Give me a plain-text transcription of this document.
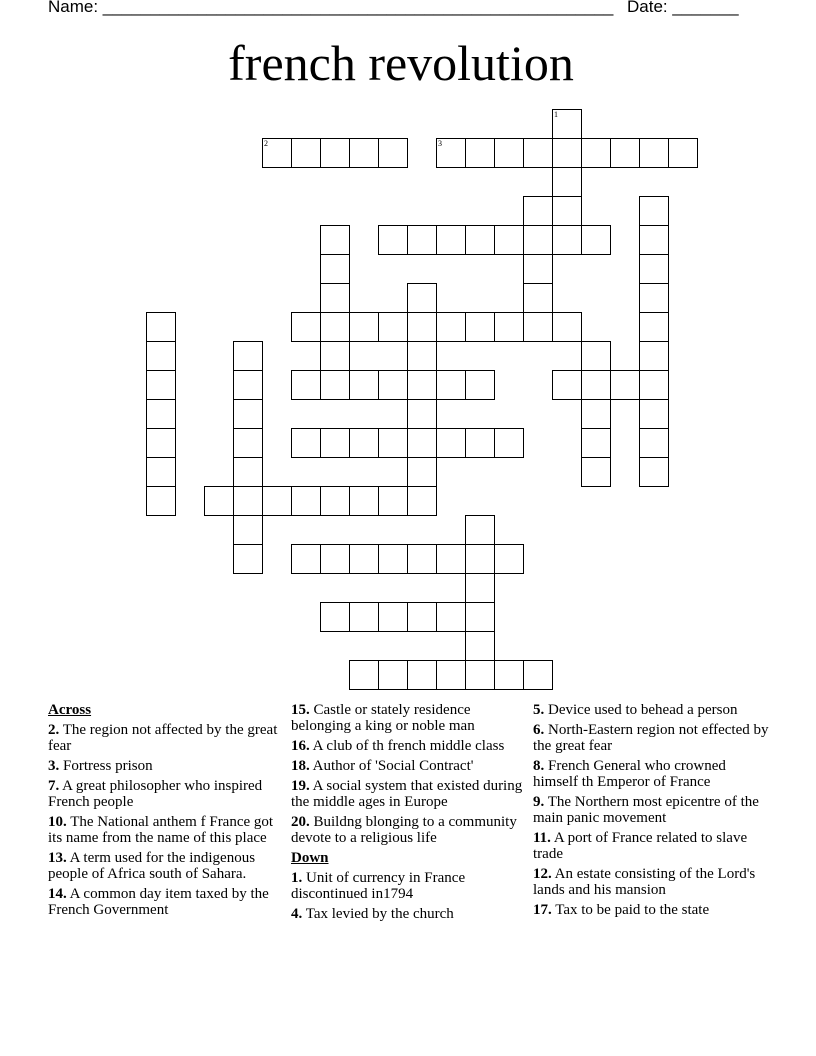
Name: ______________________________________________________ Date: _______
french revolution
1
2	3
Across
2. The region not affected by the great fear
3. Fortress prison
7. A great philosopher who inspired French people
10. The National anthem f France got its name from the name of this place
13. A term used for the indigenous people of Africa south of Sahara.
14. A common day item taxed by the French Government
15. Castle or stately residence belonging a king or noble man
16. A club of th french middle class
18. Author of 'Social Contract'
19. A social system that existed during the middle ages in Europe
20. Buildng blonging to a community devote to a religious life
Down
1. Unit of currency in France discontinued in1794
4. Tax levied by the church
5. Device used to behead a person
6. North-Eastern region not effected by the great fear
8. French General who crowned himself th Emperor of France
9. The Northern most epicentre of the main panic movement
11. A port of France related to slave trade
12. An estate consisting of the Lord's lands and his mansion
17. Tax to be paid to the state
